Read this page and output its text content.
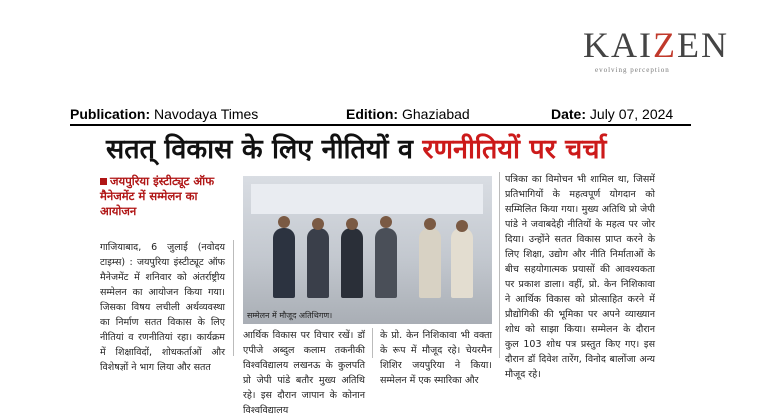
KAIZEN
evolving perception
Publication: Navodaya Times	Edition: Ghaziabad	Date: July 07, 2024
सतत् विकास के लिए नीतियों व रणनीतियों पर चर्चा
जयपुरिया इंस्टीट्यूट ऑफ मैनेजमेंट में सम्मेलन का आयोजन
सम्मेलन में मौजूद अतिथिगण।
गाजियाबाद, 6 जुलाई (नवोदय टाइम्स) : जयपुरिया इंस्टीट्यूट ऑफ मैनेजमेंट में शनिवार को अंतर्राष्ट्रीय सम्मेलन का आयोजन किया गया। जिसका विषय लचीली अर्थव्यवस्था का निर्माण सतत विकास के लिए नीतियां व रणनीतियां रहा। कार्यक्रम में शिक्षाविदों, शोधकर्ताओं और विशेषज्ञों ने भाग लिया और सतत
आर्थिक विकास पर विचार रखें। डॉ एपीजे अब्दुल कलाम तकनीकी विश्वविद्यालय लखनऊ के कुलपति प्रो जेपी पांडे बतौर मुख्य अतिथि रहे। इस दौरान जापान के कोनान विश्वविद्यालय
के प्रो. केन निशिकावा भी वक्ता के रूप में मौजूद रहे। चेयरमैन शिशिर जयपुरिया ने किया। सम्मेलन में एक स्मारिका और
पत्रिका का विमोचन भी शामिल था, जिसमें प्रतिभागियों के महत्वपूर्ण योगदान को सम्मिलित किया गया। मुख्य अतिथि प्रो जेपी पांडे ने जवाबदेही नीतियों के महत्व पर जोर दिया। उन्होंने सतत विकास प्राप्त करने के लिए शिक्षा, उद्योग और नीति निर्माताओं के बीच सहयोगात्मक प्रयासों की आवश्यकता पर प्रकाश डाला। वहीं, प्रो. केन निशिकावा ने आर्थिक विकास को प्रोत्साहित करने में प्रौद्योगिकी की भूमिका पर अपने व्याख्यान शोध को साझा किया। सम्मेलन के दौरान कुल 103 शोध पत्र प्रस्तुत किए गए। इस दौरान डॉ दिवेश तारेंग, विनोद बालोंजा अन्य मौजूद रहे।
